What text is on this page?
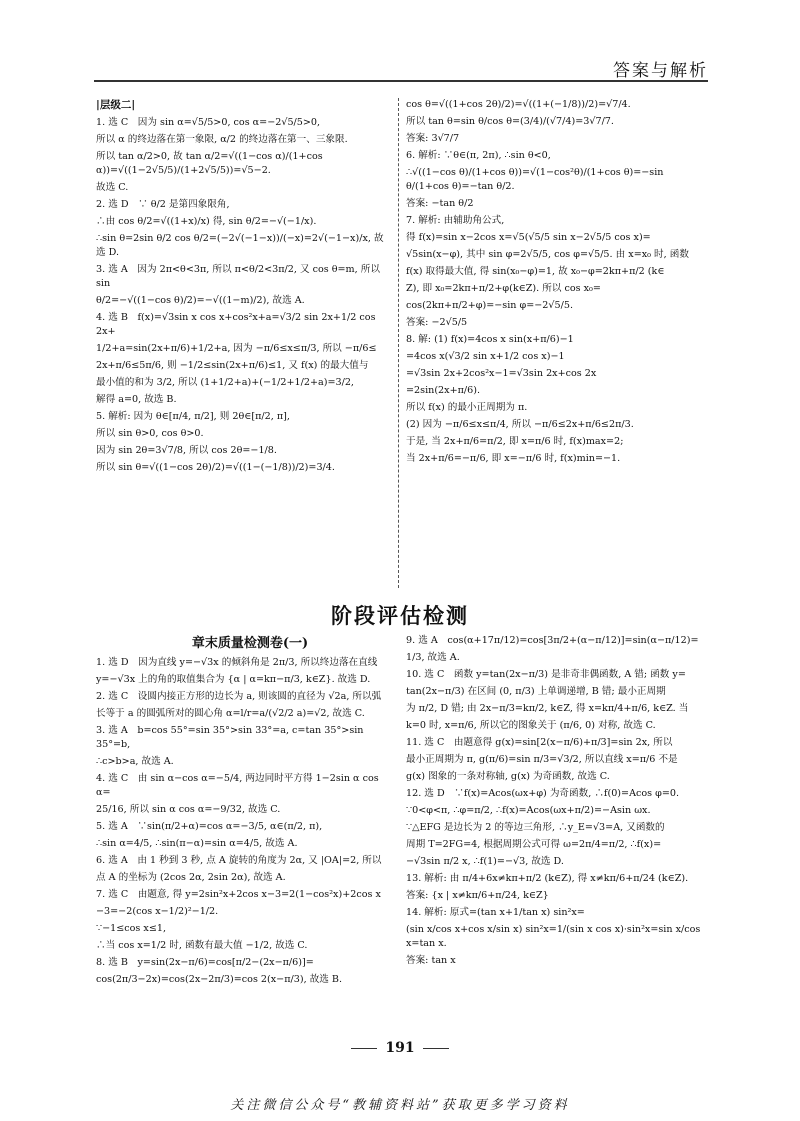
答案与解析

|层级二|

1. 选 C　因为 sin α=√5/5>0, cos α=−2√5/5>0,

所以 α 的终边落在第一象限, α/2 的终边落在第一、三象限.

所以 tan α/2>0, 故 tan α/2=√((1−cos α)/(1+cos α))=√((1−2√5/5)/(1+2√5/5))=√5−2.

故选 C.

2. 选 D　∵ θ/2 是第四象限角,

∴由 cos θ/2=√((1+x)/x) 得, sin θ/2=−√(−1/x).

∴sin θ=2sin θ/2 cos θ/2=(−2√(−1−x))/(−x)=2√(−1−x)/x, 故选 D.

3. 选 A　因为 2π<θ<3π, 所以 π<θ/2<3π/2, 又 cos θ=m, 所以 sin

θ/2=−√((1−cos θ)/2)=−√((1−m)/2), 故选 A.

4. 选 B　f(x)=√3sin x cos x+cos²x+a=√3/2 sin 2x+1/2 cos 2x+

1/2+a=sin(2x+π/6)+1/2+a, 因为 −π/6≤x≤π/3, 所以 −π/6≤

2x+π/6≤5π/6, 则 −1/2≤sin(2x+π/6)≤1, 又 f(x) 的最大值与

最小值的和为 3/2, 所以 (1+1/2+a)+(−1/2+1/2+a)=3/2,

解得 a=0, 故选 B.

5. 解析: 因为 θ∈[π/4, π/2], 则 2θ∈[π/2, π],

所以 sin θ>0, cos θ>0.

因为 sin 2θ=3√7/8, 所以 cos 2θ=−1/8.

所以 sin θ=√((1−cos 2θ)/2)=√((1−(−1/8))/2)=3/4.

cos θ=√((1+cos 2θ)/2)=√((1+(−1/8))/2)=√7/4.

所以 tan θ=sin θ/cos θ=(3/4)/(√7/4)=3√7/7.

答案: 3√7/7

6. 解析: ∵θ∈(π, 2π), ∴sin θ<0,

∴√((1−cos θ)/(1+cos θ))=√(1−cos²θ)/(1+cos θ)=−sin θ/(1+cos θ)=−tan θ/2.

答案: −tan θ/2

7. 解析: 由辅助角公式,

得 f(x)=sin x−2cos x=√5(√5/5 sin x−2√5/5 cos x)=

√5sin(x−φ), 其中 sin φ=2√5/5, cos φ=√5/5. 由 x=x₀ 时, 函数

f(x) 取得最大值, 得 sin(x₀−φ)=1, 故 x₀−φ=2kπ+π/2 (k∈

Z), 即 x₀=2kπ+π/2+φ(k∈Z). 所以 cos x₀=

cos(2kπ+π/2+φ)=−sin φ=−2√5/5.

答案: −2√5/5

8. 解: (1) f(x)=4cos x sin(x+π/6)−1

=4cos x(√3/2 sin x+1/2 cos x)−1

=√3sin 2x+2cos²x−1=√3sin 2x+cos 2x

=2sin(2x+π/6).

所以 f(x) 的最小正周期为 π.

(2) 因为 −π/6≤x≤π/4, 所以 −π/6≤2x+π/6≤2π/3.

于是, 当 2x+π/6=π/2, 即 x=π/6 时, f(x)max=2;

当 2x+π/6=−π/6, 即 x=−π/6 时, f(x)min=−1.

阶段评估检测
章末质量检测卷(一)

1. 选 D　因为直线 y=−√3x 的倾斜角是 2π/3, 所以终边落在直线

y=−√3x 上的角的取值集合为 {α | α=kπ−π/3, k∈Z}. 故选 D.

2. 选 C　设圆内接正方形的边长为 a, 则该圆的直径为 √2a, 所以弧

长等于 a 的圆弧所对的圆心角 α=l/r=a/(√2/2 a)=√2, 故选 C.

3. 选 A　b=cos 55°=sin 35°>sin 33°=a, c=tan 35°>sin 35°=b,

∴c>b>a, 故选 A.

4. 选 C　由 sin α−cos α=−5/4, 两边同时平方得 1−2sin α cos α=

25/16, 所以 sin α cos α=−9/32, 故选 C.

5. 选 A　∵sin(π/2+α)=cos α=−3/5, α∈(π/2, π),

∴sin α=4/5, ∴sin(π−α)=sin α=4/5, 故选 A.

6. 选 A　由 1 秒到 3 秒, 点 A 旋转的角度为 2α, 又 |OA|=2, 所以

点 A 的坐标为 (2cos 2α, 2sin 2α), 故选 A.

7. 选 C　由题意, 得 y=2sin²x+2cos x−3=2(1−cos²x)+2cos x

−3=−2(cos x−1/2)²−1/2.

∵−1≤cos x≤1,

∴当 cos x=1/2 时, 函数有最大值 −1/2, 故选 C.

8. 选 B　y=sin(2x−π/6)=cos[π/2−(2x−π/6)]=

cos(2π/3−2x)=cos(2x−2π/3)=cos 2(x−π/3), 故选 B.

9. 选 A　cos(α+17π/12)=cos[3π/2+(α−π/12)]=sin(α−π/12)=

1/3, 故选 A.

10. 选 C　函数 y=tan(2x−π/3) 是非奇非偶函数, A 错; 函数 y=

tan(2x−π/3) 在区间 (0, π/3) 上单调递增, B 错; 最小正周期

为 π/2, D 错; 由 2x−π/3=kπ/2, k∈Z, 得 x=kπ/4+π/6, k∈Z. 当

k=0 时, x=π/6, 所以它的图象关于 (π/6, 0) 对称, 故选 C.

11. 选 C　由题意得 g(x)=sin[2(x−π/6)+π/3]=sin 2x, 所以

最小正周期为 π, g(π/6)=sin π/3=√3/2, 所以直线 x=π/6 不是

g(x) 图象的一条对称轴, g(x) 为奇函数, 故选 C.

12. 选 D　∵f(x)=Acos(ωx+φ) 为奇函数, ∴f(0)=Acos φ=0.

∵0<φ<π, ∴φ=π/2, ∴f(x)=Acos(ωx+π/2)=−Asin ωx.

∵△EFG 是边长为 2 的等边三角形, ∴y_E=√3=A, 又函数的

周期 T=2FG=4, 根据周期公式可得 ω=2π/4=π/2, ∴f(x)=

−√3sin π/2 x, ∴f(1)=−√3, 故选 D.

13. 解析: 由 π/4+6x≠kπ+π/2 (k∈Z), 得 x≠kπ/6+π/24 (k∈Z).

答案: {x | x≠kπ/6+π/24, k∈Z}

14. 解析: 原式=(tan x+1/tan x) sin²x=

(sin x/cos x+cos x/sin x) sin²x=1/(sin x cos x)·sin²x=sin x/cos x=tan x.

答案: tan x

191
关注微信公众号“教辅资料站”获取更多学习资料
